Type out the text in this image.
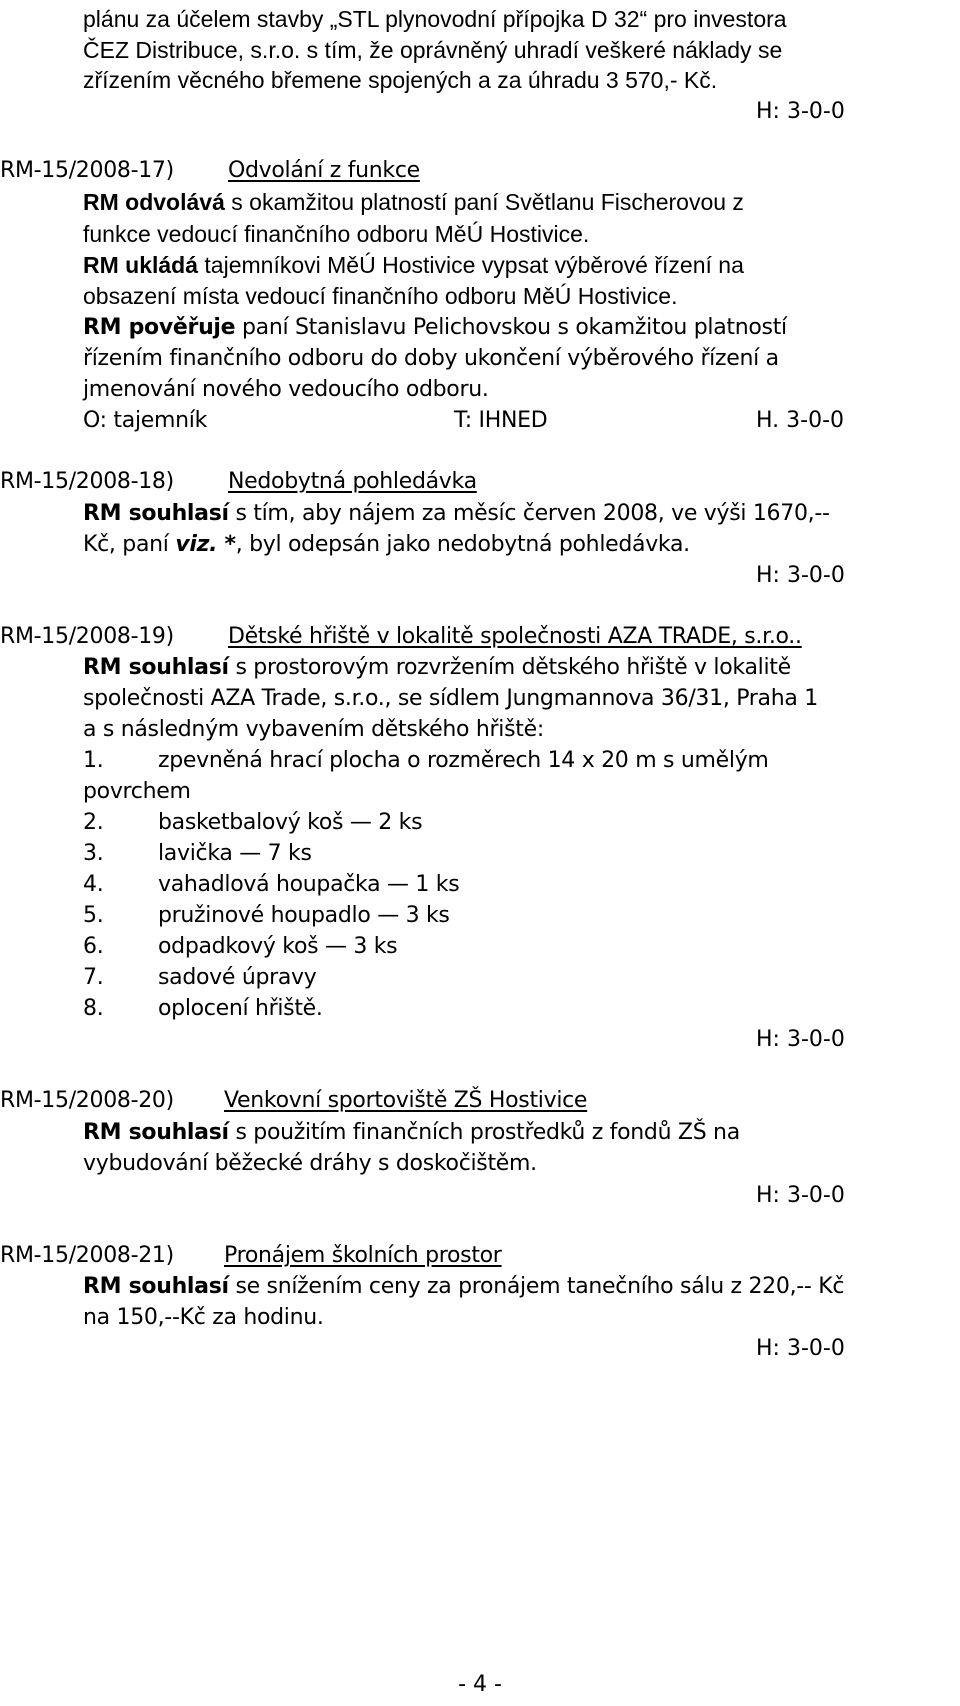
plánu za účelem stavby „STL plynovodní přípojka D 32“ pro investora
ČEZ Distribuce, s.r.o. s tím, že oprávněný uhradí veškeré náklady se
zřízením věcného břemene spojených a za úhradu 3 570,- Kč.
H: 3-0-0
RM-15/2008-17) Odvolání z funkce
RM odvolává s okamžitou platností paní Světlanu Fischerovou z
funkce vedoucí finančního odboru MěÚ Hostivice.
RM ukládá tajemníkovi MěÚ Hostivice vypsat výběrové řízení na
obsazení místa vedoucí finančního odboru MěÚ Hostivice.
RM pověřuje paní Stanislavu Pelichovskou s okamžitou platností
řízením finančního odboru do doby ukončení výběrového řízení a
jmenování nového vedoucího odboru.
O: tajemník	T: IHNED	H. 3-0-0
RM-15/2008-18) Nedobytná pohledávka
RM souhlasí s tím, aby nájem za měsíc červen 2008, ve výši 1670,--
Kč, paní viz. *, byl odepsán jako nedobytná pohledávka.
H: 3-0-0
RM-15/2008-19) Dětské hřiště v lokalitě společnosti AZA TRADE, s.r.o..
RM souhlasí s prostorovým rozvržením dětského hřiště v lokalitě
společnosti AZA Trade, s.r.o., se sídlem Jungmannova 36/31, Praha 1
a s následným vybavením dětského hřiště:
1. zpevněná hrací plocha o rozměrech 14 x 20 m s umělým
povrchem
2. basketbalový koš — 2 ks
3. lavička — 7 ks
4. vahadlová houpačka — 1 ks
5. pružinové houpadlo — 3 ks
6. odpadkový koš — 3 ks
7. sadové úpravy
8. oplocení hřiště.
H: 3-0-0
RM-15/2008-20) Venkovní sportoviště ZŠ Hostivice
RM souhlasí s použitím finančních prostředků z fondů ZŠ na
vybudování běžecké dráhy s doskočištěm.
H: 3-0-0
RM-15/2008-21) Pronájem školních prostor
RM souhlasí se snížením ceny za pronájem tanečního sálu z 220,-- Kč
na 150,--Kč za hodinu.
H: 3-0-0
- 4 -
